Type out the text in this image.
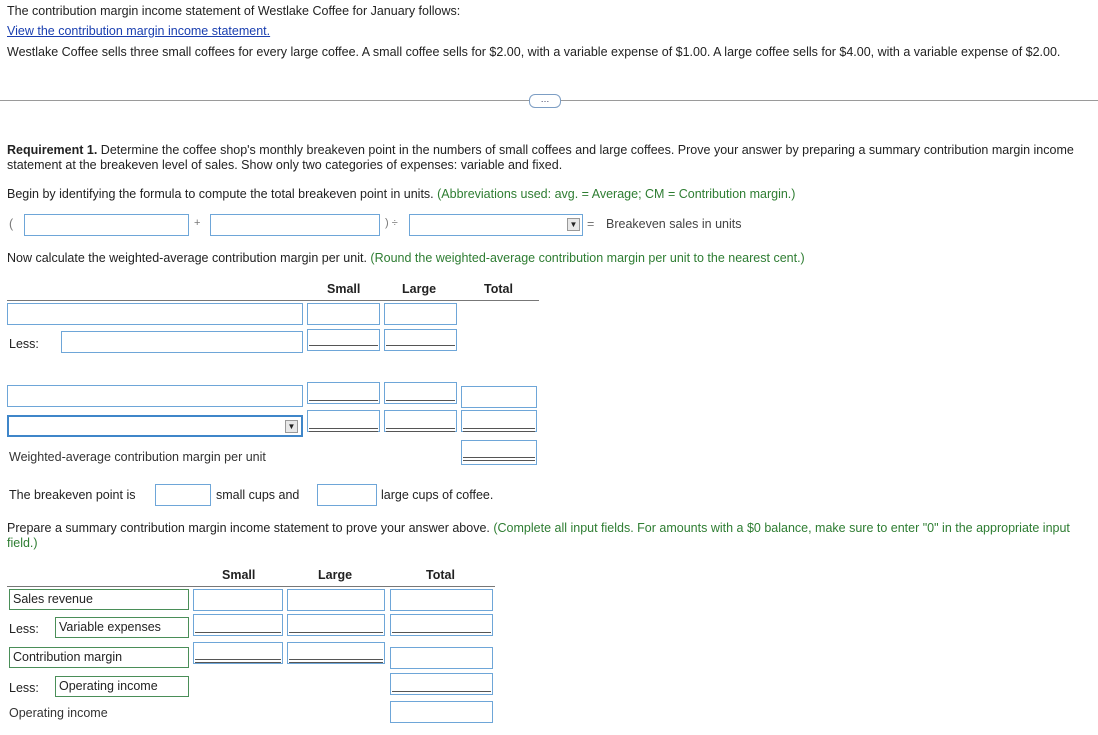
The contribution margin income statement of Westlake Coffee for January follows:
View the contribution margin income statement.
Westlake Coffee sells three small coffees for every large coffee. A small coffee sells for $2.00, with a variable expense of $1.00. A large coffee sells for $4.00, with a variable expense of $2.00.
…
Requirement 1. Determine the coffee shop's monthly breakeven point in the numbers of small coffees and large coffees. Prove your answer by preparing a summary contribution margin income statement at the breakeven level of sales. Show only two categories of expenses: variable and fixed.
Begin by identifying the formula to compute the total breakeven point in units. (Abbreviations used: avg. = Average; CM = Contribution margin.)
(	+	) ÷	▼ = Breakeven sales in units
Now calculate the weighted-average contribution margin per unit. (Round the weighted-average contribution margin per unit to the nearest cent.)
Small	Large	Total
Less:
▼
Weighted-average contribution margin per unit
The breakeven point is	small cups and	large cups of coffee.
Prepare a summary contribution margin income statement to prove your answer above. (Complete all input fields. For amounts with a $0 balance, make sure to enter "0" in the appropriate input field.)
Small	Large	Total
Sales revenue
Less:	Variable expenses
Contribution margin
Less:	Operating income
Operating income
